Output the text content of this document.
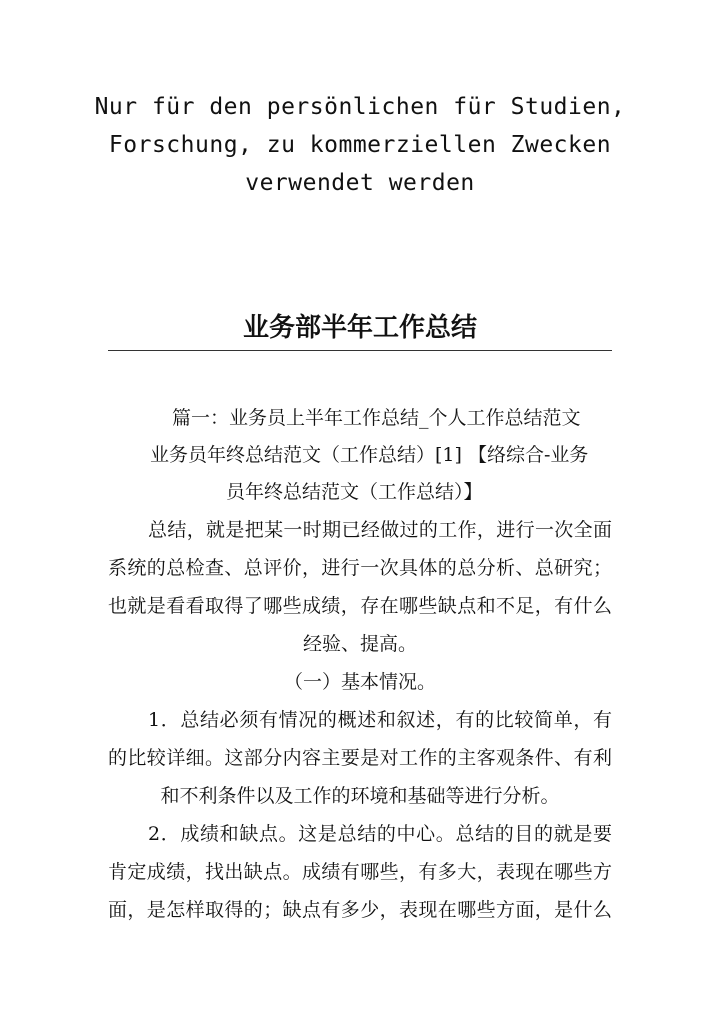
Nur für den persönlichen für Studien,
Forschung, zu kommerziellen Zwecken
verwendet werden
业务部半年工作总结
篇一：业务员上半年工作总结_个人工作总结范文
业务员年终总结范文（工作总结）[1] 【络综合-业务
员年终总结范文（工作总结）】
总结，就是把某一时期已经做过的工作，进行一次全面
系统的总检查、总评价，进行一次具体的总分析、总研究；
也就是看看取得了哪些成绩，存在哪些缺点和不足，有什么
经验、提高。
（一）基本情况。
1．总结必须有情况的概述和叙述，有的比较简单，有
的比较详细。这部分内容主要是对工作的主客观条件、有利
和不利条件以及工作的环境和基础等进行分析。
2．成绩和缺点。这是总结的中心。总结的目的就是要
肯定成绩，找出缺点。成绩有哪些，有多大，表现在哪些方
面，是怎样取得的；缺点有多少，表现在哪些方面，是什么
